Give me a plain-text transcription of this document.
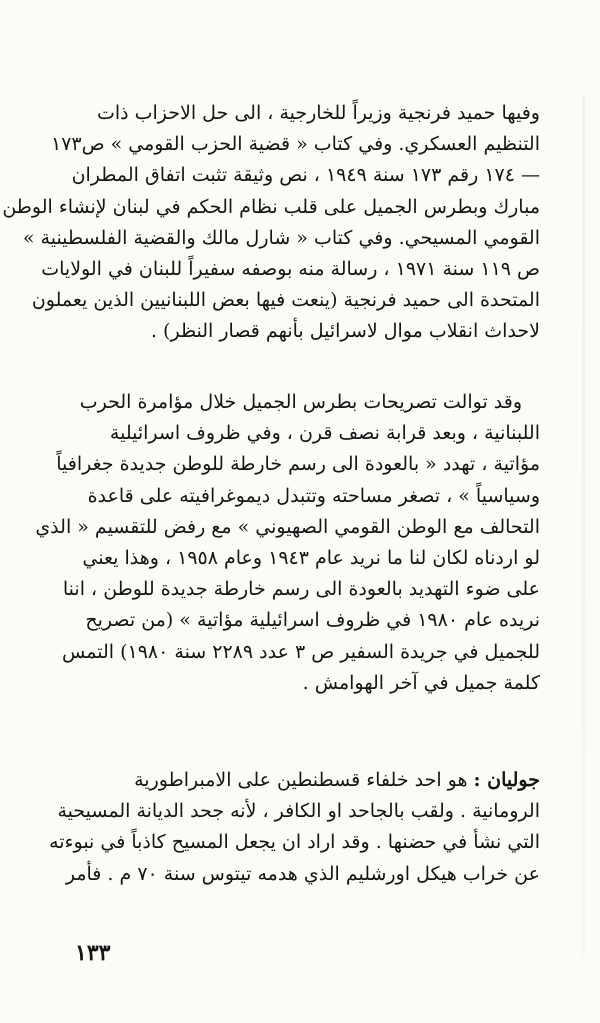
وفيها حميد فرنجية وزيراً للخارجية ، الى حل الاحزاب ذات
التنظيم العسكري. وفي كتاب « قضية الحزب القومي » ص١٧٣
— ١٧٤ رقم ١٧٣ سنة ١٩٤٩ ، نص وثيقة تثبت اتفاق المطران
مبارك وبطرس الجميل على قلب نظام الحكم في لبنان لإنشاء الوطن
القومي المسيحي. وفي كتاب « شارل مالك والقضية الفلسطينية »
ص ١١٩ سنة ١٩٧١ ، رسالة منه بوصفه سفيراً للبنان في الولايات
المتحدة الى حميد فرنجية (ينعت فيها بعض اللبنانيين الذين يعملون
لاحداث انقلاب موال لاسرائيل بأنهم قصار النظر) .
وقد توالت تصريحات بطرس الجميل خلال مؤامرة الحرب
اللبنانية ، وبعد قرابة نصف قرن ، وفي ظروف اسرائيلية
مؤاتية ، تهدد « بالعودة الى رسم خارطة للوطن جديدة جغرافياً
وسياسياً » ، تصغر مساحته وتتبدل ديموغرافيته على قاعدة
التحالف مع الوطن القومي الصهيوني » مع رفض للتقسيم « الذي
لو اردناه لكان لنا ما نريد عام ١٩٤٣ وعام ١٩٥٨ ، وهذا يعني
على ضوء التهديد بالعودة الى رسم خارطة جديدة للوطن ، اننا
نريده عام ١٩٨٠ في ظروف اسرائيلية مؤاتية » (من تصريح
للجميل في جريدة السفير ص ٣ عدد ٢٢٨٩ سنة ١٩٨٠) التمس
كلمة جميل في آخر الهوامش .
جوليان : هو احد خلفاء قسطنطين على الامبراطورية
الرومانية . ولقب بالجاحد او الكافر ، لأنه جحد الديانة المسيحية
التي نشأ في حضنها . وقد اراد ان يجعل المسيح كاذباً في نبوءته
عن خراب هيكل اورشليم الذي هدمه تيتوس سنة ٧٠ م . فأمر
١٣٣
